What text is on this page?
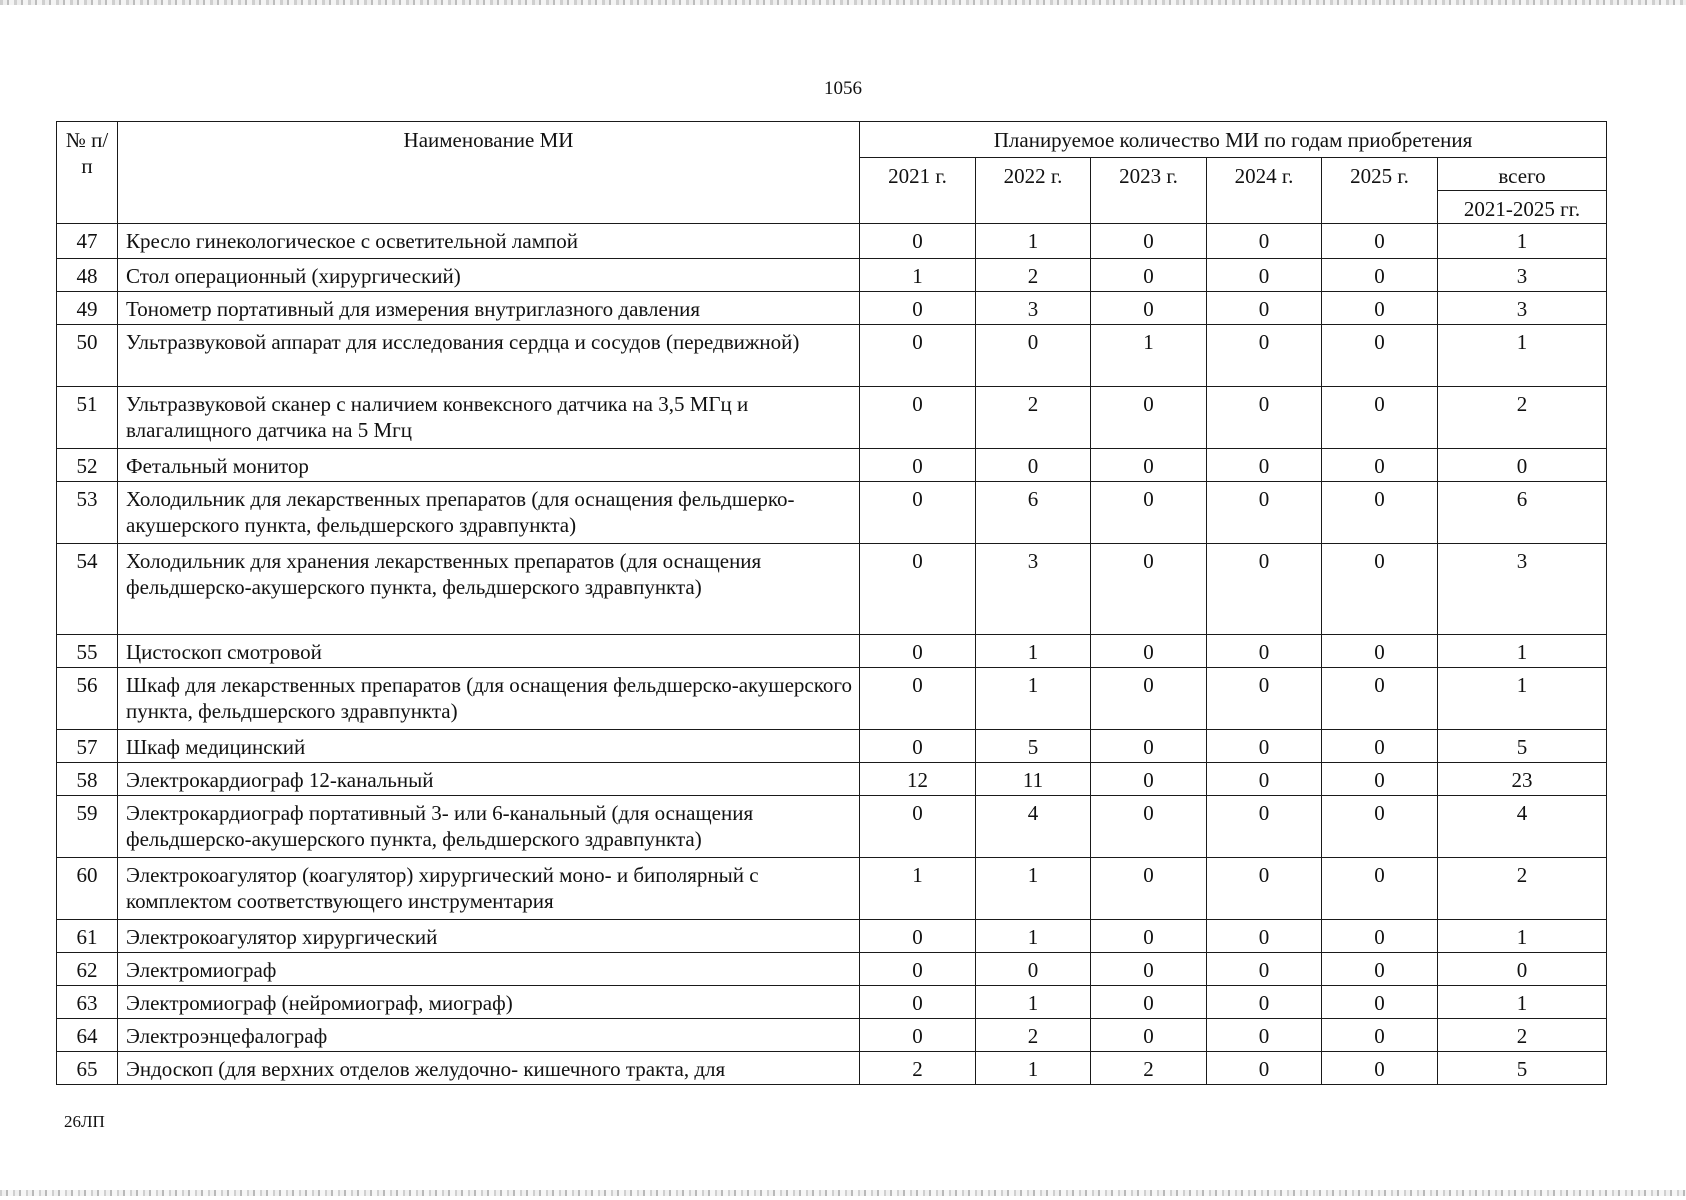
1056
№ п/п	Наименование МИ	Планируемое количество МИ по годам приобретения					
		2021 г.	2022 г.	2023 г.	2024 г.	2025 г.	всего
							2021-2025 гг.
47	Кресло гинекологическое с осветительной лампой	0	1	0	0	0	1
48	Стол операционный (хирургический)	1	2	0	0	0	3
49	Тонометр портативный для измерения внутриглазного давления	0	3	0	0	0	3
50	Ультразвуковой аппарат для исследования сердца и сосудов (передвижной)	0	0	1	0	0	1
51	Ультразвуковой сканер с наличием конвексного датчика на 3,5 МГц и влагалищного датчика на 5 Мгц	0	2	0	0	0	2
52	Фетальный монитор	0	0	0	0	0	0
53	Холодильник для лекарственных препаратов (для оснащения фельдшерко-акушерского пункта, фельдшерского здравпункта)	0	6	0	0	0	6
54	Холодильник для хранения лекарственных препаратов (для оснащения фельдшерско-акушерского пункта, фельдшерского здравпункта)	0	3	0	0	0	3
55	Цистоскоп смотровой	0	1	0	0	0	1
56	Шкаф для лекарственных препаратов (для оснащения фельдшерско-акушерского пункта, фельдшерского здравпункта)	0	1	0	0	0	1
57	Шкаф медицинский	0	5	0	0	0	5
58	Электрокардиограф 12-канальный	12	11	0	0	0	23
59	Электрокардиограф портативный 3- или 6-канальный (для оснащения фельдшерско-акушерского пункта, фельдшерского здравпункта)	0	4	0	0	0	4
60	Электрокоагулятор (коагулятор) хирургический моно- и биполярный с комплектом соответствующего инструментария	1	1	0	0	0	2
61	Электрокоагулятор хирургический	0	1	0	0	0	1
62	Электромиограф	0	0	0	0	0	0
63	Электромиограф (нейромиограф, миограф)	0	1	0	0	0	1
64	Электроэнцефалограф	0	2	0	0	0	2
65	Эндоскоп (для верхних отделов желудочно- кишечного тракта, для	2	1	2	0	0	5
26ЛП
